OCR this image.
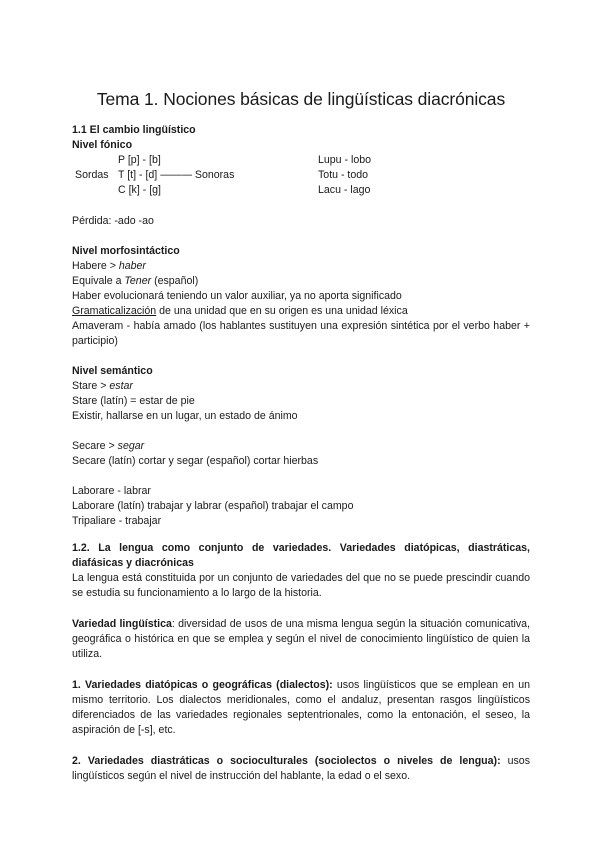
Tema 1. Nociones básicas de lingüísticas diacrónicas
1.1 El cambio lingüístico
Nivel fónico
P [p] - [b]
Sordas T [t] - [d] ——— Sonoras
C [k] - [g]
Lupu - lobo
Totu - todo
Lacu - lago
Pérdida: -ado -ao
Nivel morfosintáctico
Habere > haber
Equivale a Tener (español)
Haber evolucionará teniendo un valor auxiliar, ya no aporta significado
Gramaticalización de una unidad que en su origen es una unidad léxica
Amaveram - había amado (los hablantes sustituyen una expresión sintética por el verbo haber + participio)
Nivel semántico
Stare > estar
Stare (latín) = estar de pie
Existir, hallarse en un lugar, un estado de ánimo
Secare > segar
Secare (latín) cortar y segar (español) cortar hierbas
Laborare - labrar
Laborare (latín) trabajar y labrar (español) trabajar el campo
Tripaliare - trabajar
1.2. La lengua como conjunto de variedades. Variedades diatópicas, diastráticas, diafásicas y diacrónicas
La lengua está constituida por un conjunto de variedades del que no se puede prescindir cuando se estudia su funcionamiento a lo largo de la historia.
Variedad lingüística: diversidad de usos de una misma lengua según la situación comunicativa, geográfica o histórica en que se emplea y según el nivel de conocimiento lingüístico de quien la utiliza.
1. Variedades diatópicas o geográficas (dialectos): usos lingüísticos que se emplean en un mismo territorio. Los dialectos meridionales, como el andaluz, presentan rasgos lingüísticos diferenciados de las variedades regionales septentrionales, como la entonación, el seseo, la aspiración de [-s], etc.
2. Variedades diastráticas o socioculturales (sociolectos o niveles de lengua): usos lingüísticos según el nivel de instrucción del hablante, la edad o el sexo.
